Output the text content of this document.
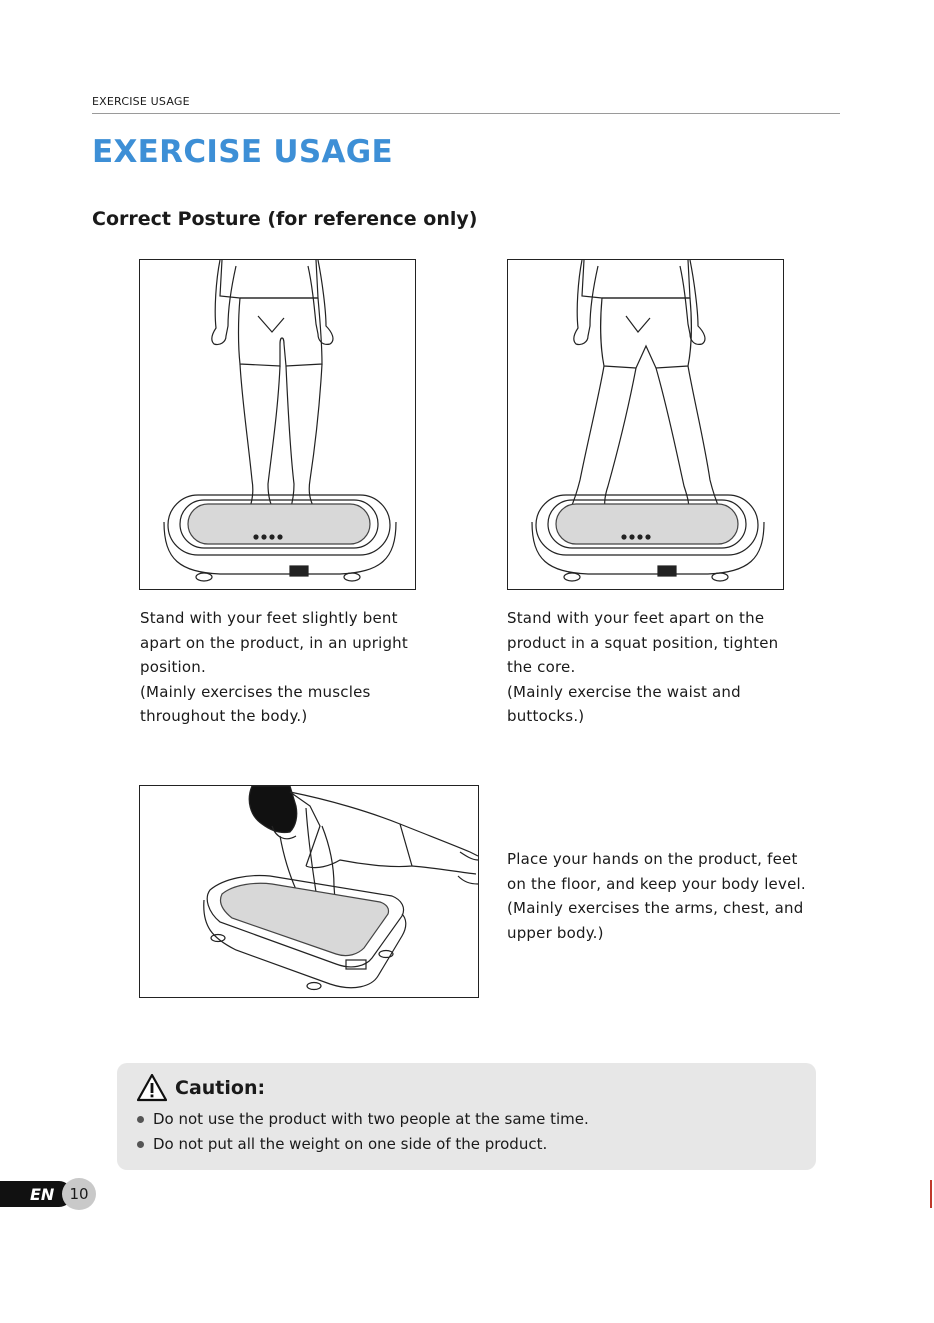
EXERCISE USAGE
EXERCISE USAGE
Correct Posture (for reference only)

Stand with your feet slightly bent

apart on the product, in an upright

position.

(Mainly exercises the muscles

throughout the body.)

Stand with your feet apart on the

product in a squat position, tighten

the core.

(Mainly exercise the waist and

buttocks.)

Place your hands on the product, feet

on the floor, and keep your body level.

(Mainly exercises the arms, chest, and

upper body.)

Caution:
Do not use the product with two people at the same time.
Do not put all the weight on one side of the product.
EN	10
